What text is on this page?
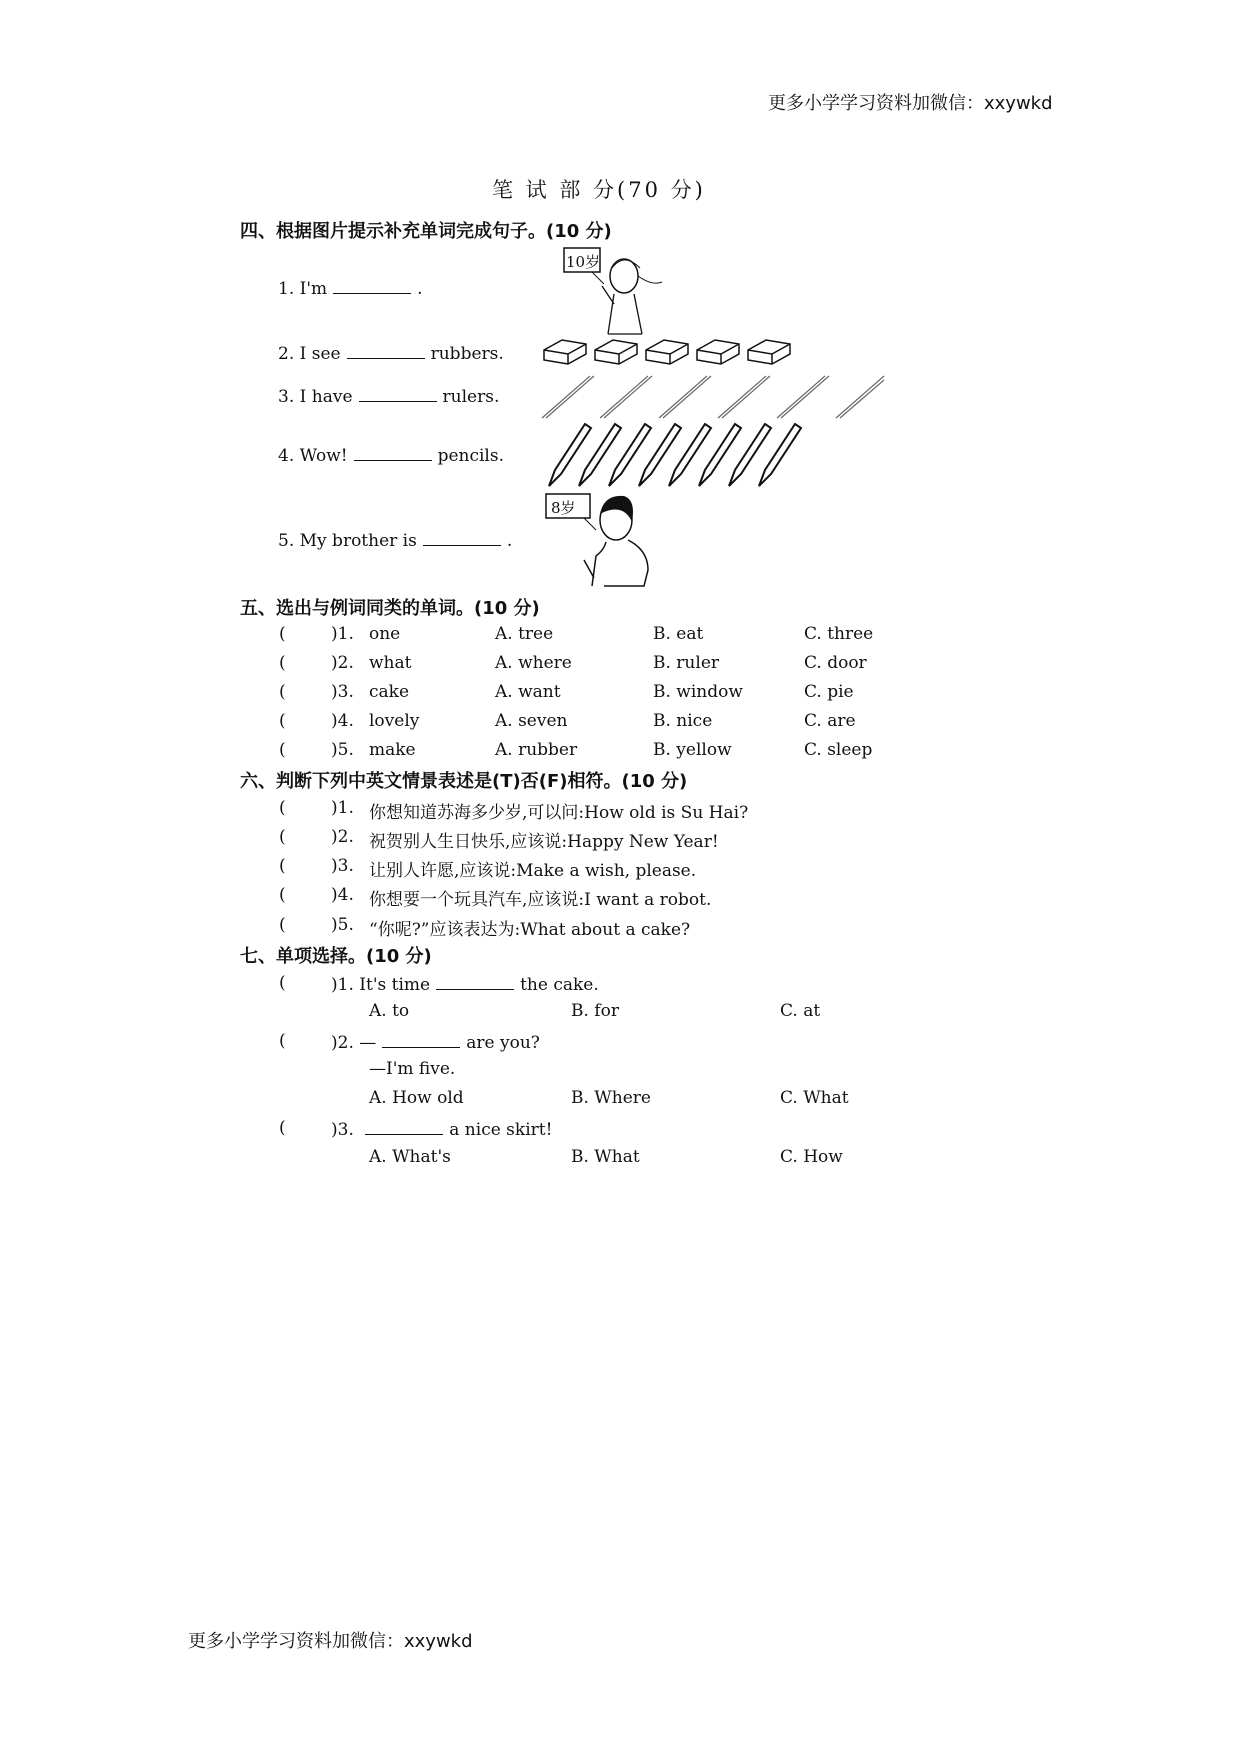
更多小学学习资料加微信：xxywkd
笔 试 部 分(70 分)
四、根据图片提示补充单词完成句子。(10 分)
1. I'm	.
2. I see	rubbers.
3. I have	rulers.
4. Wow!	pencils.
5. My brother is	.
10岁
8岁
五、选出与例词同类的单词。(10 分)
(	)1. one	A. tree	B. eat	C. three
(	)2. what	A. where	B. ruler	C. door
(	)3. cake	A. want	B. window	C. pie
(	)4. lovely	A. seven	B. nice	C. are
(	)5. make	A. rubber	B. yellow	C. sleep
六、判断下列中英文情景表述是(T)否(F)相符。(10 分)
(	)1. 你想知道苏海多少岁,可以问:How old is Su Hai?
(	)2. 祝贺别人生日快乐,应该说:Happy New Year!
(	)3. 让别人许愿,应该说:Make a wish, please.
(	)4. 你想要一个玩具汽车,应该说:I want a robot.
(	)5. “你呢?”应该表达为:What about a cake?
七、单项选择。(10 分)
(	)1. It's time	the cake.
A. to	B. for	C. at
(	)2. —	are you?
—I'm five.
A. How old	B. Where	C. What
(	)3.	a nice skirt!
A. What's	B. What	C. How
更多小学学习资料加微信：xxywkd
